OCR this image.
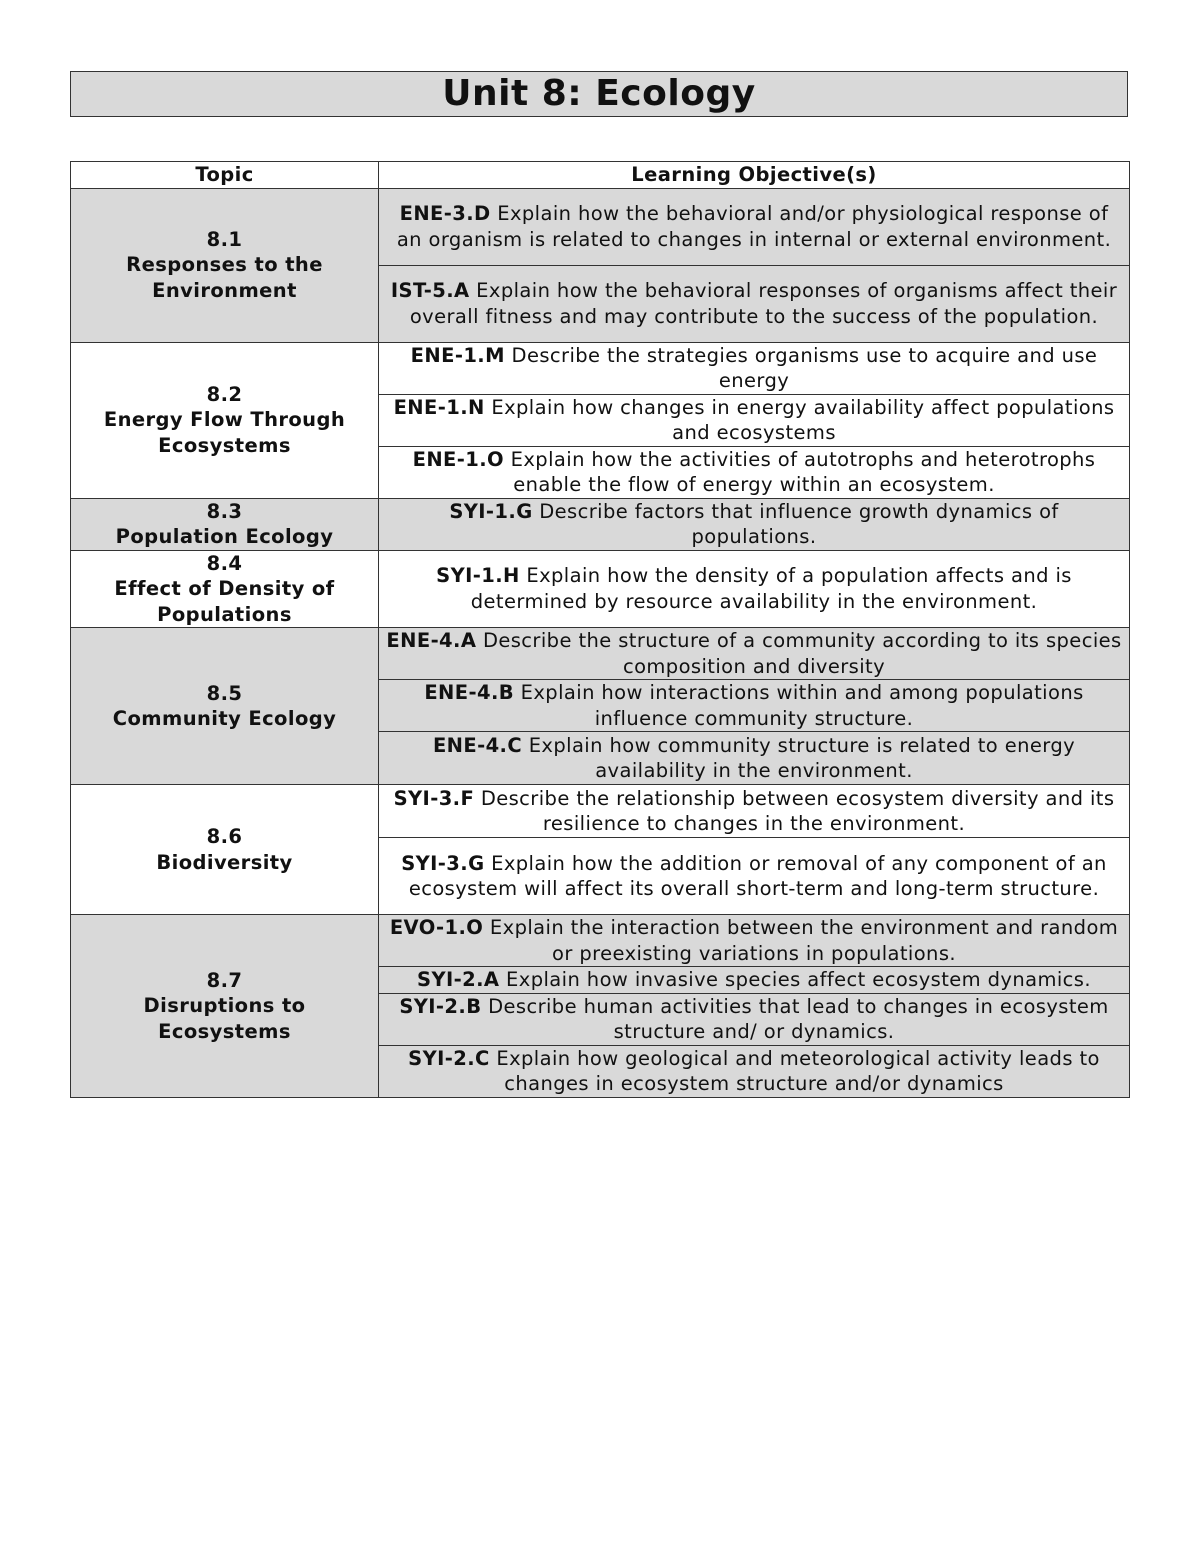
Unit 8: Ecology
Topic	Learning Objective(s)
8.1
Responses to the Environment	ENE-3.D Explain how the behavioral and/or physiological response of an organism is related to changes in internal or external environment.
	IST-5.A Explain how the behavioral responses of organisms affect their overall fitness and may contribute to the success of the population.
8.2
Energy Flow Through Ecosystems	ENE-1.M Describe the strategies organisms use to acquire and use energy
	ENE-1.N Explain how changes in energy availability affect populations and ecosystems
	ENE-1.O Explain how the activities of autotrophs and heterotrophs enable the flow of energy within an ecosystem.
8.3
Population Ecology	SYI-1.G Describe factors that influence growth dynamics of populations.
8.4
Effect of Density of Populations	SYI-1.H Explain how the density of a population affects and is determined by resource availability in the environment.
8.5
Community Ecology	ENE-4.A Describe the structure of a community according to its species composition and diversity
	ENE-4.B Explain how interactions within and among populations influence community structure.
	ENE-4.C Explain how community structure is related to energy availability in the environment.
8.6
Biodiversity	SYI-3.F Describe the relationship between ecosystem diversity and its resilience to changes in the environment.
	SYI-3.G Explain how the addition or removal of any component of an ecosystem will affect its overall short-term and long-term structure.
8.7
Disruptions to Ecosystems	EVO-1.O Explain the interaction between the environment and random or preexisting variations in populations.
	SYI-2.A Explain how invasive species affect ecosystem dynamics.
	SYI-2.B Describe human activities that lead to changes in ecosystem structure and/ or dynamics.
	SYI-2.C Explain how geological and meteorological activity leads to changes in ecosystem structure and/or dynamics
